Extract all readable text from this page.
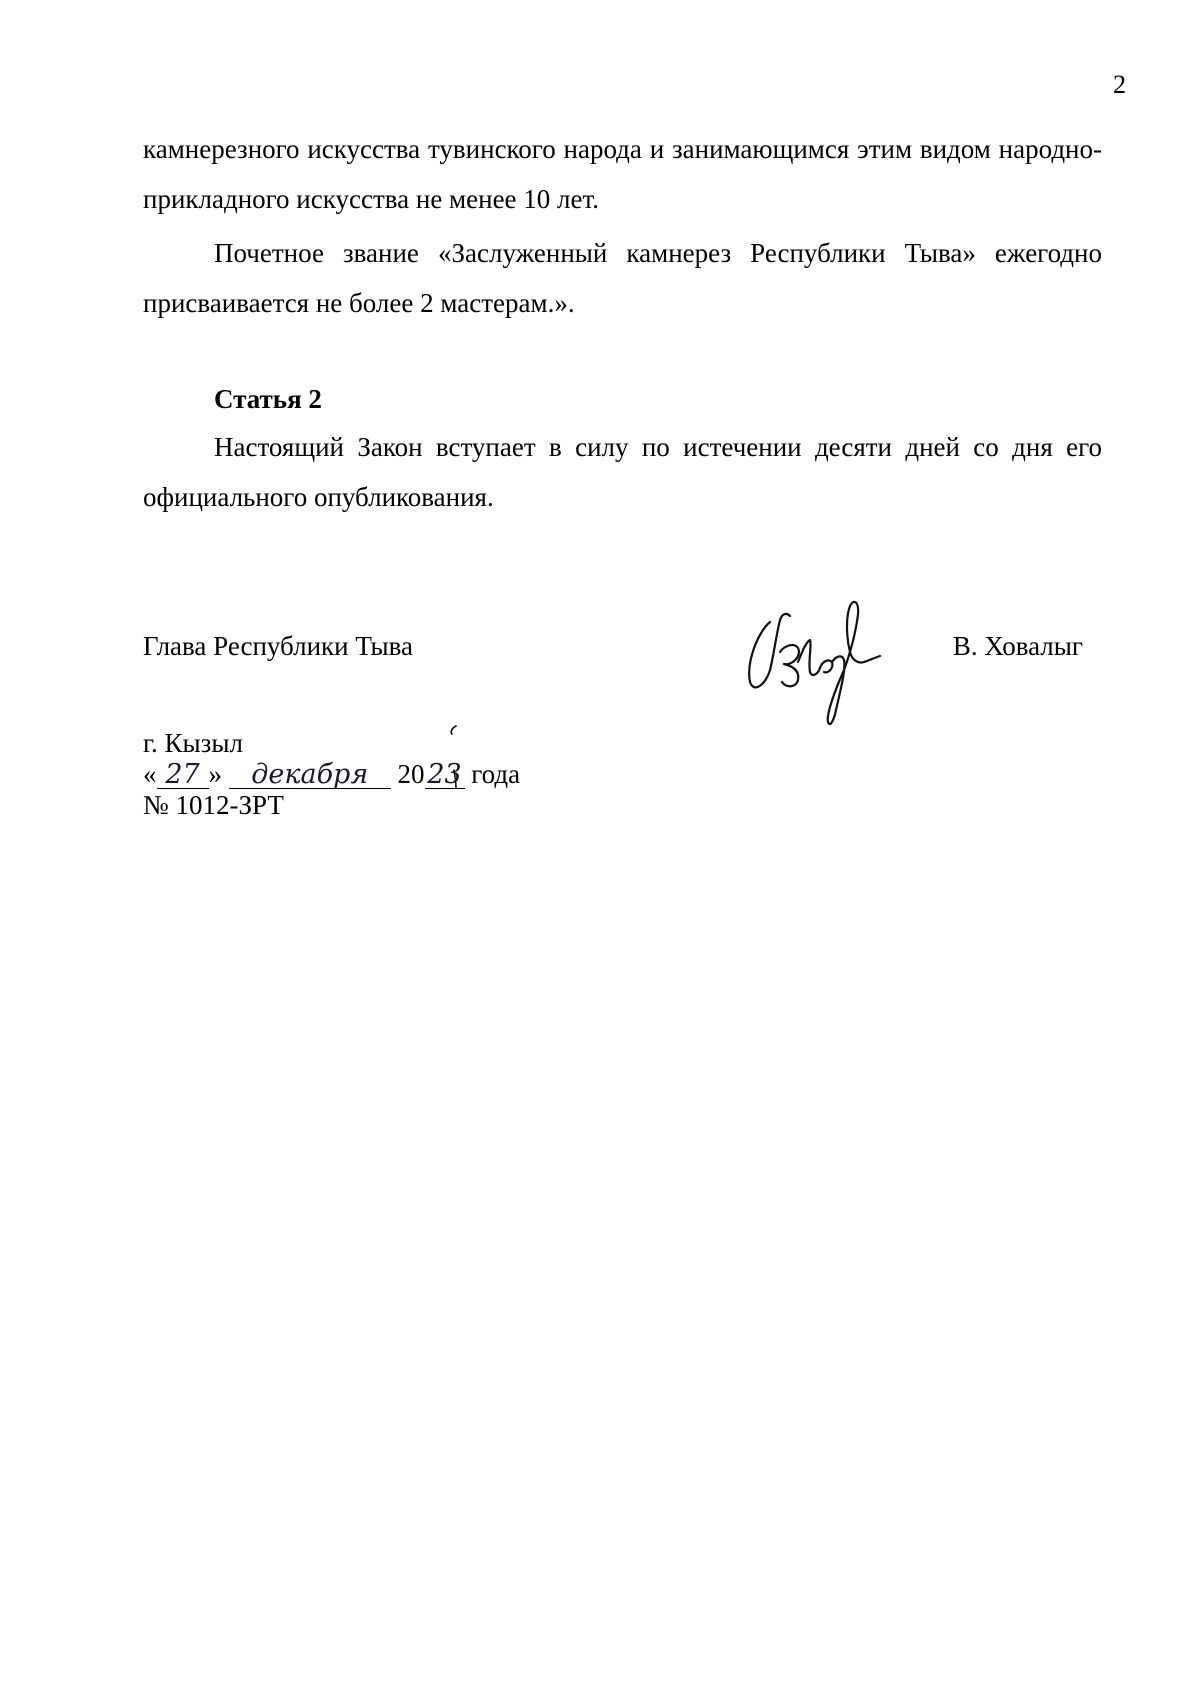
2

камнерезного искусства тувинского народа и занимающимся этим видом народно-прикладного искусства не менее 10 лет.

Почетное звание «Заслуженный камнерез Республики Тыва» ежегодно присваивается не более 2 мастерам.».

Статья 2

Настоящий Закон вступает в силу по истечении десяти дней со дня его официального опубликования.

Глава Республики Тыва	В. Ховалыг
г. Кызыл
« 27 » декабря 20 23 года
№ 1012-ЗРТ
